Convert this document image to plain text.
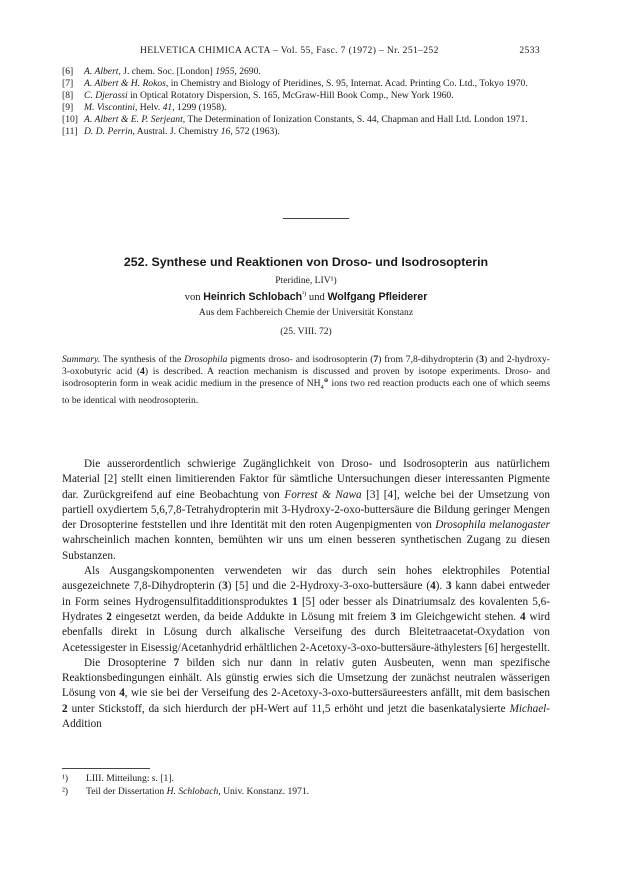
HELVETICA CHIMICA ACTA – Vol. 55, Fasc. 7 (1972) – Nr. 251–252	2533
[6]	A. Albert, J. chem. Soc. [London] 1955, 2690.
[7]	A. Albert & H. Rokos, in Chemistry and Biology of Pteridines, S. 95, Internat. Acad. Printing Co. Ltd., Tokyo 1970.
[8]	C. Djerassi in Optical Rotatory Dispersion, S. 165, McGraw-Hill Book Comp., New York 1960.
[9]	M. Viscontini, Helv. 41, 1299 (1958).
[10] A. Albert & E. P. Serjeant, The Determination of Ionization Constants, S. 44, Chapman and Hall Ltd. London 1971.
[11] D. D. Perrin, Austral. J. Chemistry 16, 572 (1963).
252. Synthese und Reaktionen von Droso- und Isodrosopterin
Pteridine, LIV¹)
von Heinrich Schlobach$^{^2)}$ und Wolfgang Pfleiderer
Aus dem Fachbereich Chemie der Universität Konstanz
(25. VIII. 72)
Summary. The synthesis of the Drosophila pigments droso- and isodrosopterin (7) from 7,8-dihydropterin (3) and 2-hydroxy-3-oxobutyric acid (4) is described. A reaction mechanism is discussed and proven by isotope experiments. Droso- and isodrosopterin form in weak acidic medium in the presence of $NH_4^\oplus$ ions two red reaction products each one of which seems to be identical with neodrosopterin.

Die ausserordentlich schwierige Zugänglichkeit von Droso- und Isodrosopterin aus natürlichem Material [2] stellt einen limitierenden Faktor für sämtliche Untersuchungen dieser interessanten Pigmente dar. Zurückgreifend auf eine Beobachtung von Forrest & Nawa [3] [4], welche bei der Umsetzung von partiell oxydiertem 5,6,7,8-Tetrahydropterin mit 3-Hydroxy-2-oxo-buttersäure die Bildung geringer Mengen der Drosopterine feststellen und ihre Identität mit den roten Augenpigmenten von Drosophila melanogaster wahrscheinlich machen konnten, bemühten wir uns um einen besseren synthetischen Zugang zu diesen Substanzen.

Als Ausgangskomponenten verwendeten wir das durch sein hohes elektrophiles Potential ausgezeichnete 7,8-Dihydropterin (3) [5] und die 2-Hydroxy-3-oxo-buttersäure (4). 3 kann dabei entweder in Form seines Hydrogensulfitadditionsproduktes 1 [5] oder besser als Dinatriumsalz des kovalenten 5,6-Hydrates 2 eingesetzt werden, da beide Addukte in Lösung mit freiem 3 im Gleichgewicht stehen. 4 wird ebenfalls direkt in Lösung durch alkalische Verseifung des durch Bleitetraacetat-Oxydation von Acetessigester in Eisessig/Acetanhydrid erhältlichen 2-Acetoxy-3-oxo-buttersäure-äthylesters [6] hergestellt.

Die Drosopterine 7 bilden sich nur dann in relativ guten Ausbeuten, wenn man spezifische Reaktionsbedingungen einhält. Als günstig erwies sich die Umsetzung der zunächst neutralen wässerigen Lösung von 4, wie sie bei der Verseifung des 2-Acetoxy-3-oxo-buttersäureesters anfällt, mit dem basischen 2 unter Stickstoff, da sich hierdurch der pH-Wert auf 11,5 erhöht und jetzt die basenkatalysierte Michael-Addition

¹)	LIII. Mitteilung: s. [1].
²)	Teil der Dissertation H. Schlobach, Univ. Konstanz. 1971.
